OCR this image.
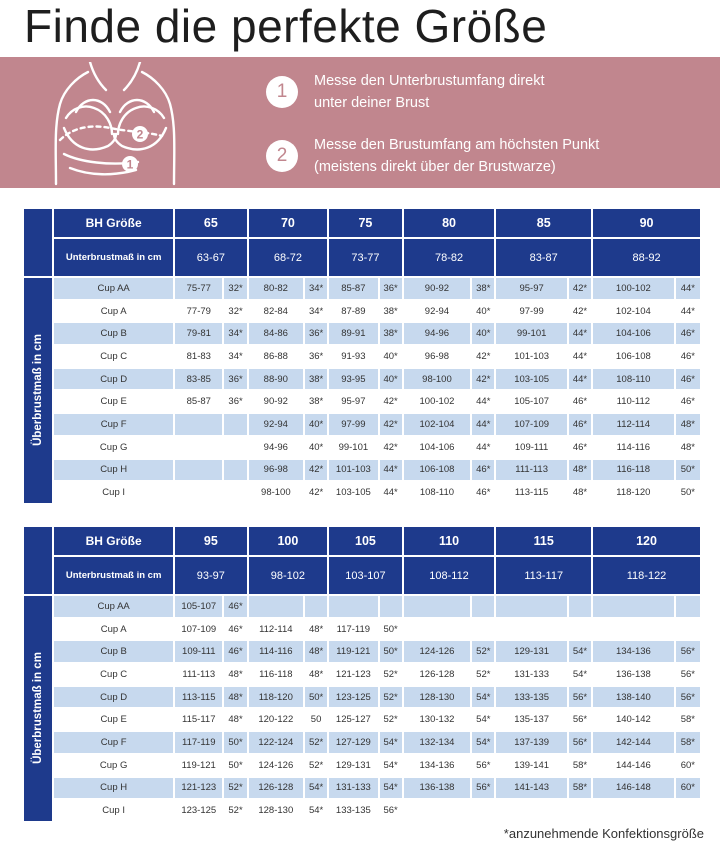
Finde die perfekte Größe
2
1
1	Messe den Unterbrustumfang direkt
unter deiner Brust
2	Messe den Brustumfang am höchsten Punkt
(meistens direkt über der Brustwarze)
	BH Größe	65		70		75		80		85		90	
	Unterbrustmaß in cm	63-67		68-72		73-77		78-82		83-87		88-92	

Überbrustmaß in cm	Cup AA	75-77	32*	80-82	34*	85-87	36*	90-92	38*	95-97	42*	100-102	44*
	Cup A	77-79	32*	82-84	34*	87-89	38*	92-94	40*	97-99	42*	102-104	44*
	Cup B	79-81	34*	84-86	36*	89-91	38*	94-96	40*	99-101	44*	104-106	46*
	Cup C	81-83	34*	86-88	36*	91-93	40*	96-98	42*	101-103	44*	106-108	46*
	Cup D	83-85	36*	88-90	38*	93-95	40*	98-100	42*	103-105	44*	108-110	46*
	Cup E	85-87	36*	90-92	38*	95-97	42*	100-102	44*	105-107	46*	110-112	46*
	Cup F			92-94	40*	97-99	42*	102-104	44*	107-109	46*	112-114	48*
	Cup G			94-96	40*	99-101	42*	104-106	44*	109-111	46*	114-116	48*
	Cup H			96-98	42*	101-103	44*	106-108	46*	111-113	48*	116-118	50*
	Cup I			98-100	42*	103-105	44*	108-110	46*	113-115	48*	118-120	50*
	BH Größe	95		100		105		110		115		120	
	Unterbrustmaß in cm	93-97		98-102		103-107		108-112		113-117		118-122	

Überbrustmaß in cm	Cup AA	105-107	46*										
	Cup A	107-109	46*	112-114	48*	117-119	50*						
	Cup B	109-111	46*	114-116	48*	119-121	50*	124-126	52*	129-131	54*	134-136	56*
	Cup C	111-113	48*	116-118	48*	121-123	52*	126-128	52*	131-133	54*	136-138	56*
	Cup D	113-115	48*	118-120	50*	123-125	52*	128-130	54*	133-135	56*	138-140	56*
	Cup E	115-117	48*	120-122	50	125-127	52*	130-132	54*	135-137	56*	140-142	58*
	Cup F	117-119	50*	122-124	52*	127-129	54*	132-134	54*	137-139	56*	142-144	58*
	Cup G	119-121	50*	124-126	52*	129-131	54*	134-136	56*	139-141	58*	144-146	60*
	Cup H	121-123	52*	126-128	54*	131-133	54*	136-138	56*	141-143	58*	146-148	60*
	Cup I	123-125	52*	128-130	54*	133-135	56*						
*anzunehmende Konfektionsgröße
